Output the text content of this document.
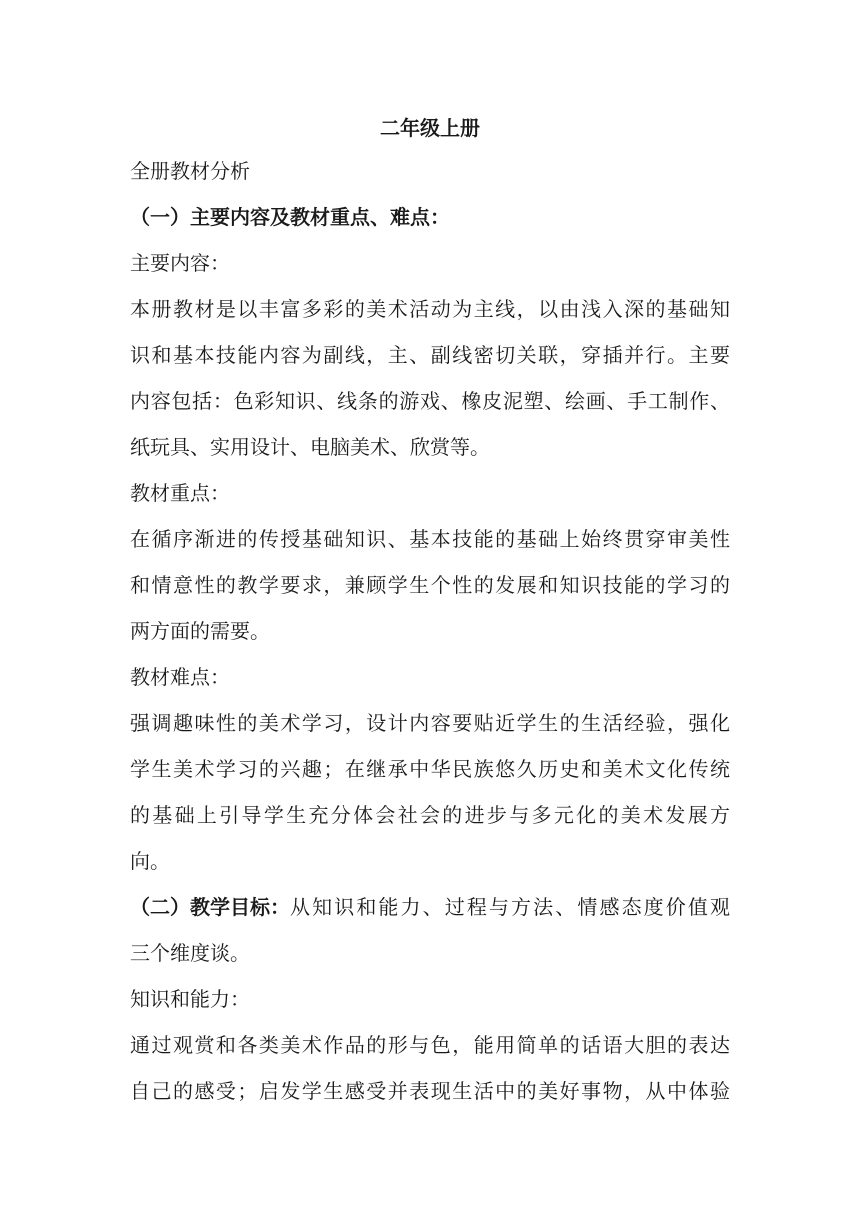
二年级上册
全册教材分析
（一）主要内容及教材重点、难点：
主要内容：
本册教材是以丰富多彩的美术活动为主线，以由浅入深的基础知
识和基本技能内容为副线，主、副线密切关联，穿插并行。主要
内容包括：色彩知识、线条的游戏、橡皮泥塑、绘画、手工制作、
纸玩具、实用设计、电脑美术、欣赏等。
教材重点：
在循序渐进的传授基础知识、基本技能的基础上始终贯穿审美性
和情意性的教学要求，兼顾学生个性的发展和知识技能的学习的
两方面的需要。
教材难点：
强调趣味性的美术学习，设计内容要贴近学生的生活经验，强化
学生美术学习的兴趣；在继承中华民族悠久历史和美术文化传统
的基础上引导学生充分体会社会的进步与多元化的美术发展方
向。
（二）教学目标： 从知识和能力、过程与方法、情感态度价值观
三个维度谈。
知识和能力：
通过观赏和各类美术作品的形与色，能用简单的话语大胆的表达
自己的感受；启发学生感受并表现生活中的美好事物，从中体验
